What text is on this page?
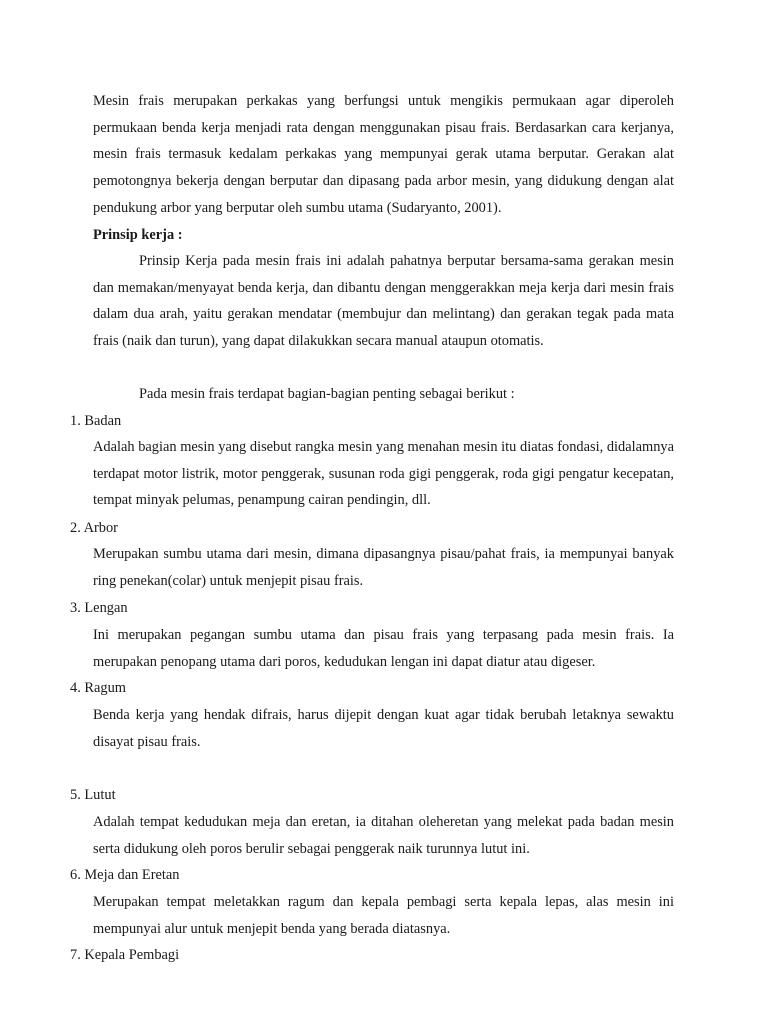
Mesin frais merupakan perkakas yang berfungsi untuk mengikis permukaan agar diperoleh permukaan benda kerja menjadi rata dengan menggunakan pisau frais. Berdasarkan cara kerjanya, mesin frais termasuk kedalam perkakas yang mempunyai gerak utama berputar. Gerakan alat pemotongnya bekerja dengan berputar dan dipasang pada arbor mesin, yang didukung dengan alat pendukung arbor yang berputar oleh sumbu utama (Sudaryanto, 2001).

Prinsip kerja :

Prinsip Kerja pada mesin frais ini adalah pahatnya berputar bersama-sama gerakan mesin dan memakan/menyayat benda kerja, dan dibantu dengan menggerakkan meja kerja dari mesin frais dalam dua arah, yaitu gerakan mendatar (membujur dan melintang) dan gerakan tegak pada mata frais (naik dan turun), yang dapat dilakukkan secara manual ataupun otomatis.

Pada mesin frais terdapat bagian-bagian penting sebagai berikut :

1. Badan

Adalah bagian mesin yang disebut rangka mesin yang menahan mesin itu diatas fondasi, didalamnya terdapat motor listrik, motor penggerak, susunan roda gigi penggerak, roda gigi pengatur kecepatan, tempat minyak pelumas, penampung cairan pendingin, dll.

2. Arbor

Merupakan sumbu utama dari mesin, dimana dipasangnya pisau/pahat frais, ia mempunyai banyak ring penekan(colar) untuk menjepit pisau frais.

3. Lengan

Ini merupakan pegangan sumbu utama dan pisau frais yang terpasang pada mesin frais. Ia merupakan penopang utama dari poros, kedudukan lengan ini dapat diatur atau digeser.

4. Ragum

Benda kerja yang hendak difrais, harus dijepit dengan kuat agar tidak berubah letaknya sewaktu disayat pisau frais.

5. Lutut

Adalah tempat kedudukan meja dan eretan, ia ditahan oleheretan yang melekat pada badan mesin serta didukung oleh poros berulir sebagai penggerak naik turunnya lutut ini.

6. Meja dan Eretan

Merupakan tempat meletakkan ragum dan kepala pembagi serta kepala lepas, alas mesin ini mempunyai alur untuk menjepit benda yang berada diatasnya.

7. Kepala Pembagi
